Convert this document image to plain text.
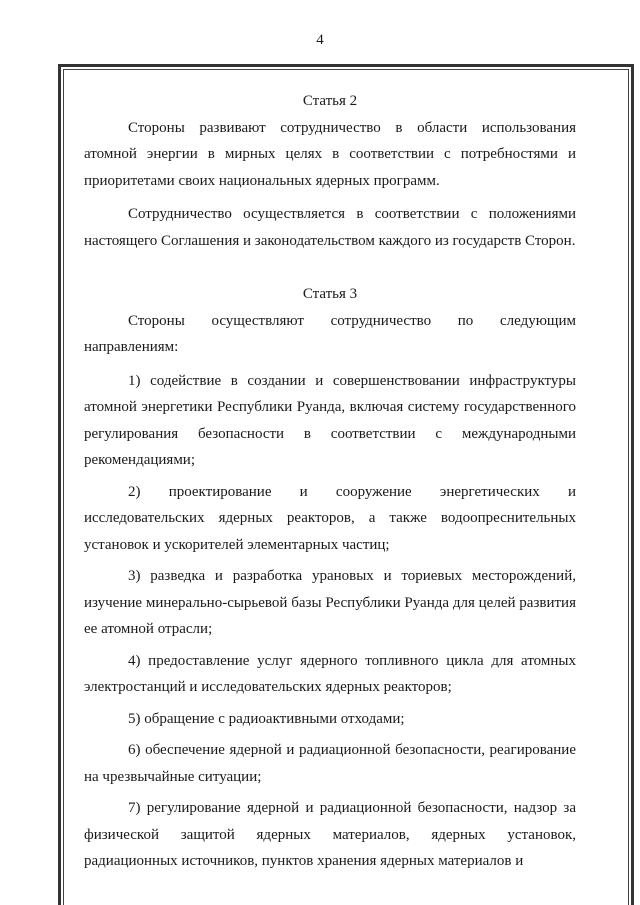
4
Статья 2

Стороны развивают сотрудничество в области использования атомной энергии в мирных целях в соответствии с потребностями и приоритетами своих национальных ядерных программ.

Сотрудничество осуществляется в соответствии с положениями настоящего Соглашения и законодательством каждого из государств Сторон.

Статья 3

Стороны осуществляют сотрудничество по следующим направлениям:

1) содействие в создании и совершенствовании инфраструктуры атомной энергетики Республики Руанда, включая систему государственного регулирования безопасности в соответствии с международными рекомендациями;

2) проектирование и сооружение энергетических и исследовательских ядерных реакторов, а также водоопреснительных установок и ускорителей элементарных частиц;

3) разведка и разработка урановых и ториевых месторождений, изучение минерально-сырьевой базы Республики Руанда для целей развития ее атомной отрасли;

4) предоставление услуг ядерного топливного цикла для атомных электростанций и исследовательских ядерных реакторов;

5) обращение с радиоактивными отходами;

6) обеспечение ядерной и радиационной безопасности, реагирование на чрезвычайные ситуации;

7) регулирование ядерной и радиационной безопасности, надзор за физической защитой ядерных материалов, ядерных установок, радиационных источников, пунктов хранения ядерных материалов и
